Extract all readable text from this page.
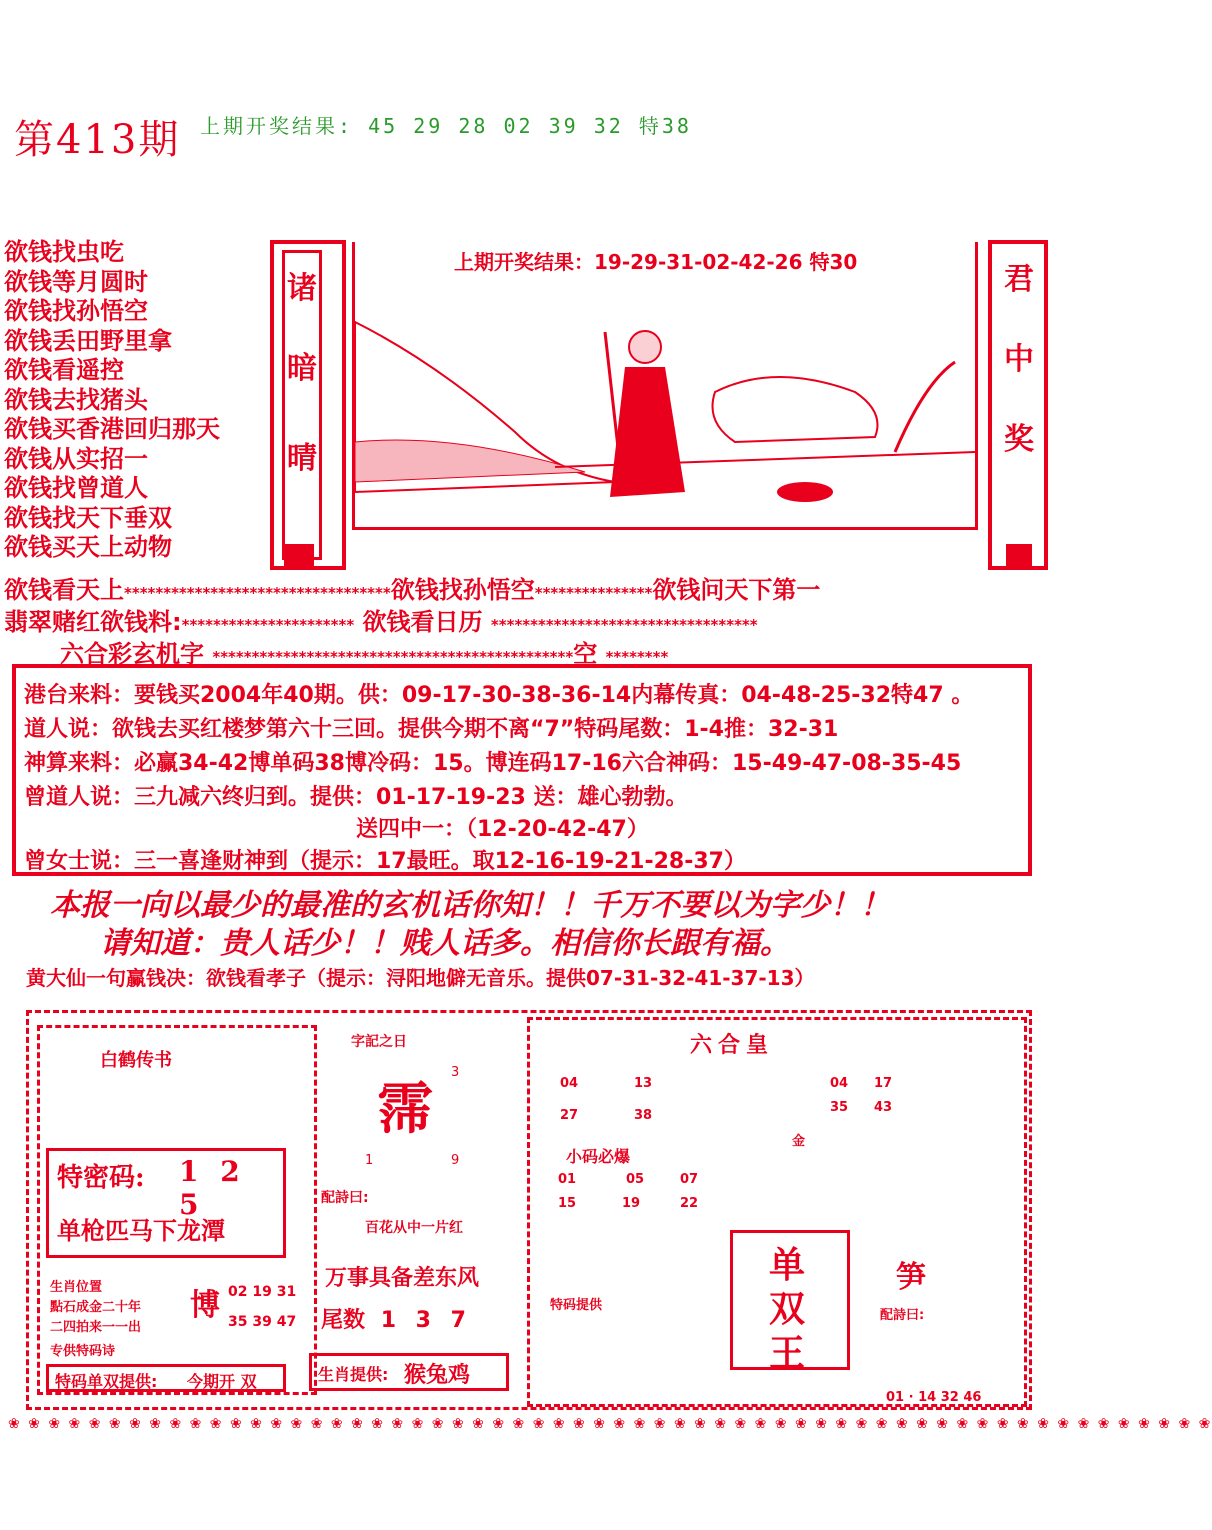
第413期 上期开奖结果: 45 29 28 02 39 32 特38
欲钱找虫吃
欲钱等月圆时
欲钱找孙悟空
欲钱丢田野里拿
欲钱看遥控
欲钱去找猪头
欲钱买香港回归那天
欲钱从实招一
欲钱找曾道人
欲钱找天下垂双
欲钱买天上动物
诸
暗
晴
上期开奖结果：19-29-31-02-42-26 特30	君
中
奖
欲钱看天上**********************************欲钱找孙悟空***************欲钱问天下第一
翡翠赌红欲钱料:********************** 欲钱看日历 **********************************
六合彩玄机字 **********************************************空 ********
港台来料：要钱买2004年40期。供：09-17-30-38-36-14内幕传真：04-48-25-32特47 。
道人说：欲钱去买红楼梦第六十三回。提供今期不离“7”特码尾数：1-4推：32-31
神算来料：必赢34-42博单码38博冷码：15。博连码17-16六合神码：15-49-47-08-35-45
曾道人说：三九减六终归到。提供：01-17-19-23 送：雄心勃勃。
送四中一：（12-20-42-47）
曾女士说：三一喜逢财神到（提示：17最旺。取12-16-19-21-28-37）
本报一向以最少的最准的玄机话你知！！千万不要以为字少！！
请知道：贵人话少！！贱人话多。相信你长跟有福。
黄大仙一句赢钱决：欲钱看孝子（提示：浔阳地僻无音乐。提供07-31-32-41-37-13）
白鹤传书
特密码: 1 2 5
单枪匹马下龙潭
生肖位置
點石成金二十年
二四拍来一一出
专供特码诗
博 02 19 31
35 39 47
特码单双提供: 今期开 双
字記之日
霈
3
1	9
配詩曰:
百花从中一片红
万事具备差东风
尾数 1 3 7
生肖提供: 猴兔鸡
六合皇
04	13
27	38
04 17
35 43
金
小码必爆
01	05	07
15	19	22
特码提供
单
双
王
笋
配詩曰:
01 · 14 32 46
❀ ❀ ❀ ❀ ❀ ❀ ❀ ❀ ❀ ❀ ❀ ❀ ❀ ❀ ❀ ❀ ❀ ❀ ❀ ❀ ❀ ❀ ❀ ❀ ❀ ❀ ❀ ❀ ❀ ❀ ❀ ❀ ❀ ❀ ❀ ❀ ❀ ❀ ❀ ❀ ❀ ❀ ❀ ❀ ❀ ❀ ❀ ❀ ❀ ❀ ❀ ❀ ❀ ❀ ❀ ❀ ❀ ❀ ❀ ❀
